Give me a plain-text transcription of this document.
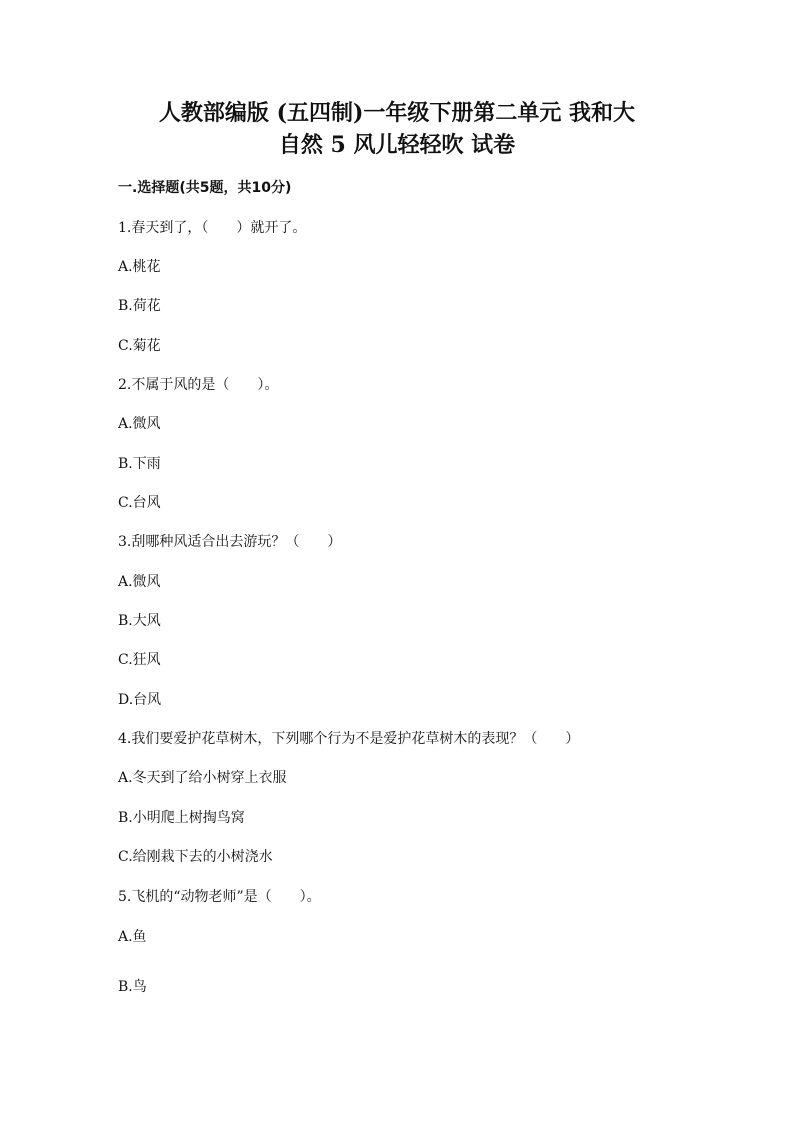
人教部编版 (五四制)一年级下册第二单元 我和大
自然 5 风儿轻轻吹 试卷
一.选择题(共5题，共10分)
1.春天到了，（　　）就开了。
A.桃花
B.荷花
C.菊花
2.不属于风的是（　　）。
A.微风
B.下雨
C.台风
3.刮哪种风适合出去游玩？（　　）
A.微风
B.大风
C.狂风
D.台风
4.我们要爱护花草树木，下列哪个行为不是爱护花草树木的表现？（　　）
A.冬天到了给小树穿上衣服
B.小明爬上树掏鸟窝
C.给刚栽下去的小树浇水
5.飞机的“动物老师”是（　　）。
A.鱼
B.鸟
